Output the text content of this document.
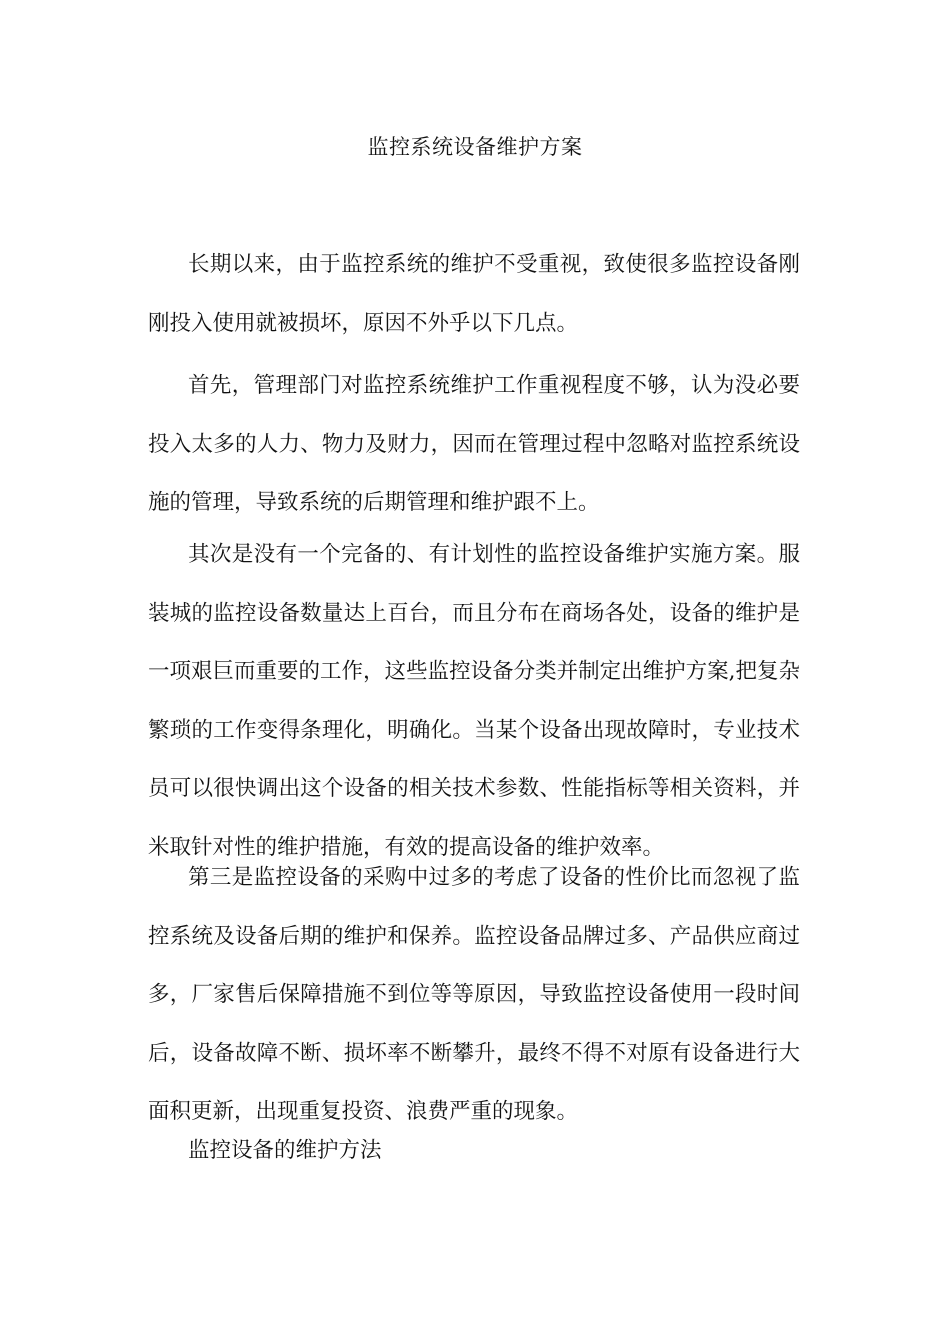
监控系统设备维护方案

长期以来，由于监控系统的维护不受重视，致使很多监控设备刚刚投入使用就被损坏，原因不外乎以下几点。

首先，管理部门对监控系统维护工作重视程度不够，认为没必要投入太多的人力、物力及财力，因而在管理过程中忽略对监控系统设施的管理，导致系统的后期管理和维护跟不上。

其次是没有一个完备的、有计划性的监控设备维护实施方案。服装城的监控设备数量达上百台，而且分布在商场各处，设备的维护是一项艰巨而重要的工作，这些监控设备分类并制定出维护方案,把复杂繁琐的工作变得条理化，明确化。当某个设备出现故障时，专业技术员可以很快调出这个设备的相关技术参数、性能指标等相关资料，并米取针对性的维护措施，有效的提高设备的维护效率。

第三是监控设备的采购中过多的考虑了设备的性价比而忽视了监控系统及设备后期的维护和保养。监控设备品牌过多、产品供应商过多，厂家售后保障措施不到位等等原因，导致监控设备使用一段时间后，设备故障不断、损坏率不断攀升，最终不得不对原有设备进行大面积更新，出现重复投资、浪费严重的现象。

监控设备的维护方法
